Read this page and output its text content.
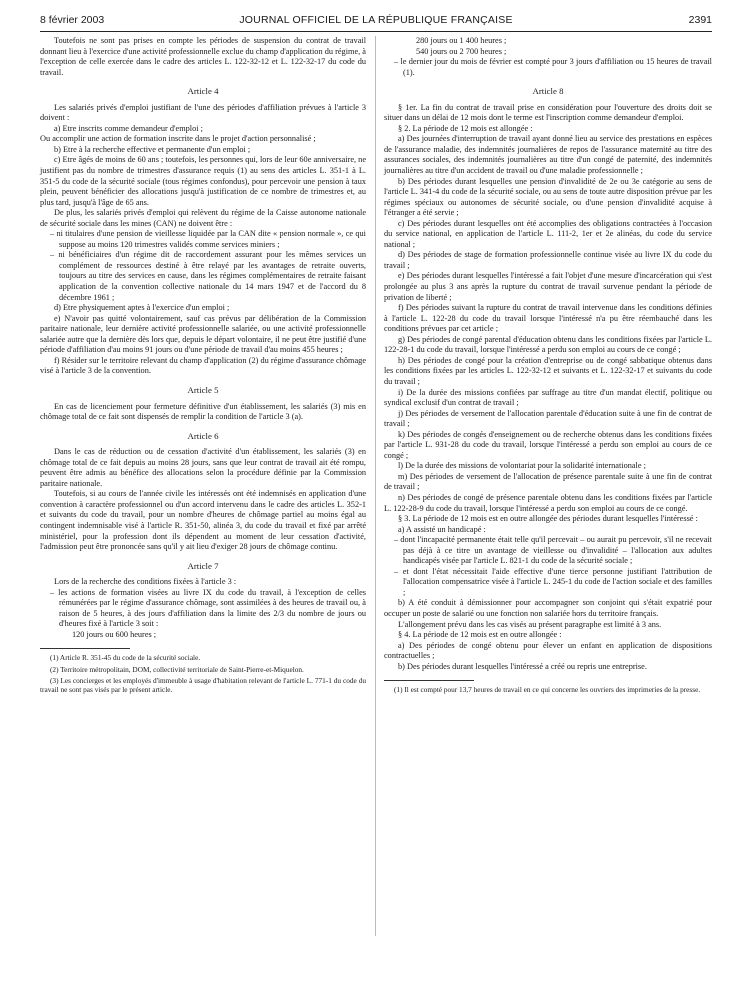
8 février 2003	JOURNAL OFFICIEL DE LA RÉPUBLIQUE FRANÇAISE	2391

Toutefois ne sont pas prises en compte les périodes de suspension du contrat de travail donnant lieu à l'exercice d'une activité professionnelle exclue du champ d'application du régime, à l'exception de celle exercée dans le cadre des articles L. 122-32-12 et L. 122-32-17 du code du travail.

Article 4

Les salariés privés d'emploi justifiant de l'une des périodes d'affiliation prévues à l'article 3 doivent :

a) Etre inscrits comme demandeur d'emploi ;

Ou accomplir une action de formation inscrite dans le projet d'action personnalisé ;

b) Etre à la recherche effective et permanente d'un emploi ;

c) Etre âgés de moins de 60 ans ; toutefois, les personnes qui, lors de leur 60e anniversaire, ne justifient pas du nombre de trimestres d'assurance requis (1) au sens des articles L. 351-1 à L. 351-5 du code de la sécurité sociale (tous régimes confondus), pour percevoir une pension à taux plein, peuvent bénéficier des allocations jusqu'à justification de ce nombre de trimestres et, au plus tard, jusqu'à l'âge de 65 ans.

De plus, les salariés privés d'emploi qui relèvent du régime de la Caisse autonome nationale de sécurité sociale dans les mines (CAN) ne doivent être :

– ni titulaires d'une pension de vieillesse liquidée par la CAN dite « pension normale », ce qui suppose au moins 120 trimestres validés comme services miniers ;

– ni bénéficiaires d'un régime dit de raccordement assurant pour les mêmes services un complément de ressources destiné à être relayé par les avantages de retraite ouverts, toujours au titre des services en cause, dans les régimes complémentaires de retraite faisant application de la convention collective nationale du 14 mars 1947 et de l'accord du 8 décembre 1961 ;

d) Etre physiquement aptes à l'exercice d'un emploi ;

e) N'avoir pas quitté volontairement, sauf cas prévus par délibération de la Commission paritaire nationale, leur dernière activité professionnelle salariée, ou une activité professionnelle salariée autre que la dernière dès lors que, depuis le départ volontaire, il ne peut être justifié d'une période d'affiliation d'au moins 91 jours ou d'une période de travail d'au moins 455 heures ;

f) Résider sur le territoire relevant du champ d'application (2) du régime d'assurance chômage visé à l'article 3 de la convention.

Article 5

En cas de licenciement pour fermeture définitive d'un établissement, les salariés (3) mis en chômage total de ce fait sont dispensés de remplir la condition de l'article 3 (a).

Article 6

Dans le cas de réduction ou de cessation d'activité d'un établissement, les salariés (3) en chômage total de ce fait depuis au moins 28 jours, sans que leur contrat de travail ait été rompu, peuvent être admis au bénéfice des allocations selon la procédure définie par la Commission paritaire nationale.

Toutefois, si au cours de l'année civile les intéressés ont été indemnisés en application d'une convention à caractère professionnel ou d'un accord intervenu dans le cadre des articles L. 352-1 et suivants du code du travail, pour un nombre d'heures de chômage partiel au moins égal au contingent indemnisable visé à l'article R. 351-50, alinéa 3, du code du travail et fixé par arrêté ministériel, pour la profession dont ils dépendent au moment de leur cessation d'activité, l'admission peut être prononcée sans qu'il y ait lieu d'exiger 28 jours de chômage continu.

Article 7

Lors de la recherche des conditions fixées à l'article 3 :

– les actions de formation visées au livre IX du code du travail, à l'exception de celles rémunérées par le régime d'assurance chômage, sont assimilées à des heures de travail ou, à raison de 5 heures, à des jours d'affiliation dans la limite des 2/3 du nombre de jours ou d'heures fixé à l'article 3 soit :

120 jours ou 600 heures ;

(1) Article R. 351-45 du code de la sécurité sociale.

(2) Territoire métropolitain, DOM, collectivité territoriale de Saint-Pierre-et-Miquelon.

(3) Les concierges et les employés d'immeuble à usage d'habitation relevant de l'article L. 771-1 du code du travail ne sont pas visés par le présent article.

280 jours ou 1 400 heures ;

540 jours ou 2 700 heures ;

– le dernier jour du mois de février est compté pour 3 jours d'affiliation ou 15 heures de travail (1).

Article 8

§ 1er. La fin du contrat de travail prise en considération pour l'ouverture des droits doit se situer dans un délai de 12 mois dont le terme est l'inscription comme demandeur d'emploi.

§ 2. La période de 12 mois est allongée :

a) Des journées d'interruption de travail ayant donné lieu au service des prestations en espèces de l'assurance maladie, des indemnités journalières de repos de l'assurance maternité au titre des assurances sociales, des indemnités journalières au titre d'un congé de paternité, des indemnités journalières au titre d'un accident de travail ou d'une maladie professionnelle ;

b) Des périodes durant lesquelles une pension d'invalidité de 2e ou 3e catégorie au sens de l'article L. 341-4 du code de la sécurité sociale, ou au sens de toute autre disposition prévue par les régimes spéciaux ou autonomes de sécurité sociale, ou d'une pension d'invalidité acquise à l'étranger a été servie ;

c) Des périodes durant lesquelles ont été accomplies des obligations contractées à l'occasion du service national, en application de l'article L. 111-2, 1er et 2e alinéas, du code du service national ;

d) Des périodes de stage de formation professionnelle continue visée au livre IX du code du travail ;

e) Des périodes durant lesquelles l'intéressé a fait l'objet d'une mesure d'incarcération qui s'est prolongée au plus 3 ans après la rupture du contrat de travail survenue pendant la période de privation de liberté ;

f) Des périodes suivant la rupture du contrat de travail intervenue dans les conditions définies à l'article L. 122-28 du code du travail lorsque l'intéressé n'a pu être réembauché dans les conditions prévues par cet article ;

g) Des périodes de congé parental d'éducation obtenu dans les conditions fixées par l'article L. 122-28-1 du code du travail, lorsque l'intéressé a perdu son emploi au cours de ce congé ;

h) Des périodes de congé pour la création d'entreprise ou de congé sabbatique obtenus dans les conditions fixées par les articles L. 122-32-12 et suivants et L. 122-32-17 et suivants du code du travail ;

i) De la durée des missions confiées par suffrage au titre d'un mandat électif, politique ou syndical exclusif d'un contrat de travail ;

j) Des périodes de versement de l'allocation parentale d'éducation suite à une fin de contrat de travail ;

k) Des périodes de congés d'enseignement ou de recherche obtenus dans les conditions fixées par l'article L. 931-28 du code du travail, lorsque l'intéressé a perdu son emploi au cours de ce congé ;

l) De la durée des missions de volontariat pour la solidarité internationale ;

m) Des périodes de versement de l'allocation de présence parentale suite à une fin de contrat de travail ;

n) Des périodes de congé de présence parentale obtenu dans les conditions fixées par l'article L. 122-28-9 du code du travail, lorsque l'intéressé a perdu son emploi au cours de ce congé.

§ 3. La période de 12 mois est en outre allongée des périodes durant lesquelles l'intéressé :

a) A assisté un handicapé :

– dont l'incapacité permanente était telle qu'il percevait – ou aurait pu percevoir, s'il ne recevait pas déjà à ce titre un avantage de vieillesse ou d'invalidité – l'allocation aux adultes handicapés visée par l'article L. 821-1 du code de la sécurité sociale ;

– et dont l'état nécessitait l'aide effective d'une tierce personne justifiant l'attribution de l'allocation compensatrice visée à l'article L. 245-1 du code de l'action sociale et des familles ;

b) A été conduit à démissionner pour accompagner son conjoint qui s'était expatrié pour occuper un poste de salarié ou une fonction non salariée hors du territoire français.

L'allongement prévu dans les cas visés au présent paragraphe est limité à 3 ans.

§ 4. La période de 12 mois est en outre allongée :

a) Des périodes de congé obtenu pour élever un enfant en application de dispositions contractuelles ;

b) Des périodes durant lesquelles l'intéressé a créé ou repris une entreprise.

(1) Il est compté pour 13,7 heures de travail en ce qui concerne les ouvriers des imprimeries de la presse.
